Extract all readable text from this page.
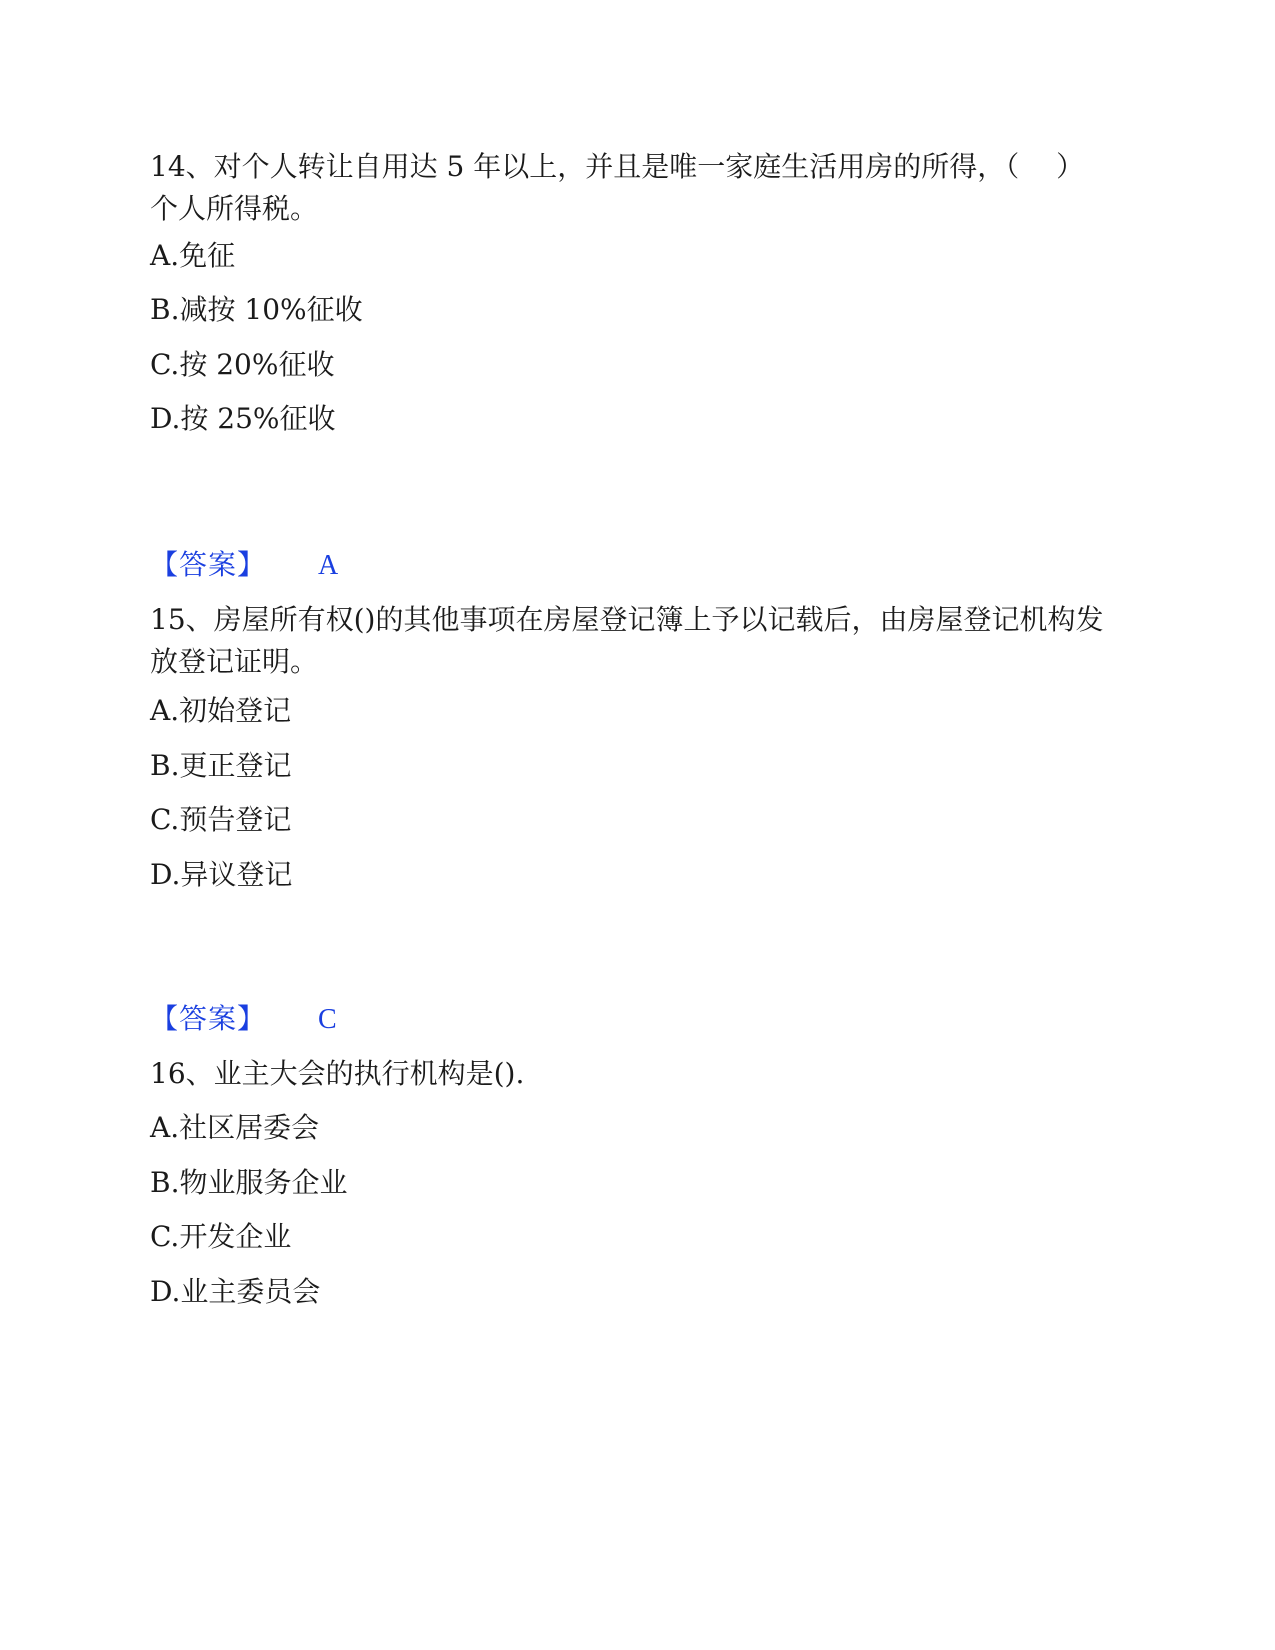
14、对个人转让自用达 5 年以上，并且是唯一家庭生活用房的所得，（　 ）个人所得税。
A.免征
B.减按 10%征收
C.按 20%征收
D.按 25%征收
【答案】 A
15、房屋所有权()的其他事项在房屋登记簿上予以记载后，由房屋登记机构发放登记证明。
A.初始登记
B.更正登记
C.预告登记
D.异议登记
【答案】 C
16、业主大会的执行机构是().
A.社区居委会
B.物业服务企业
C.开发企业
D.业主委员会
